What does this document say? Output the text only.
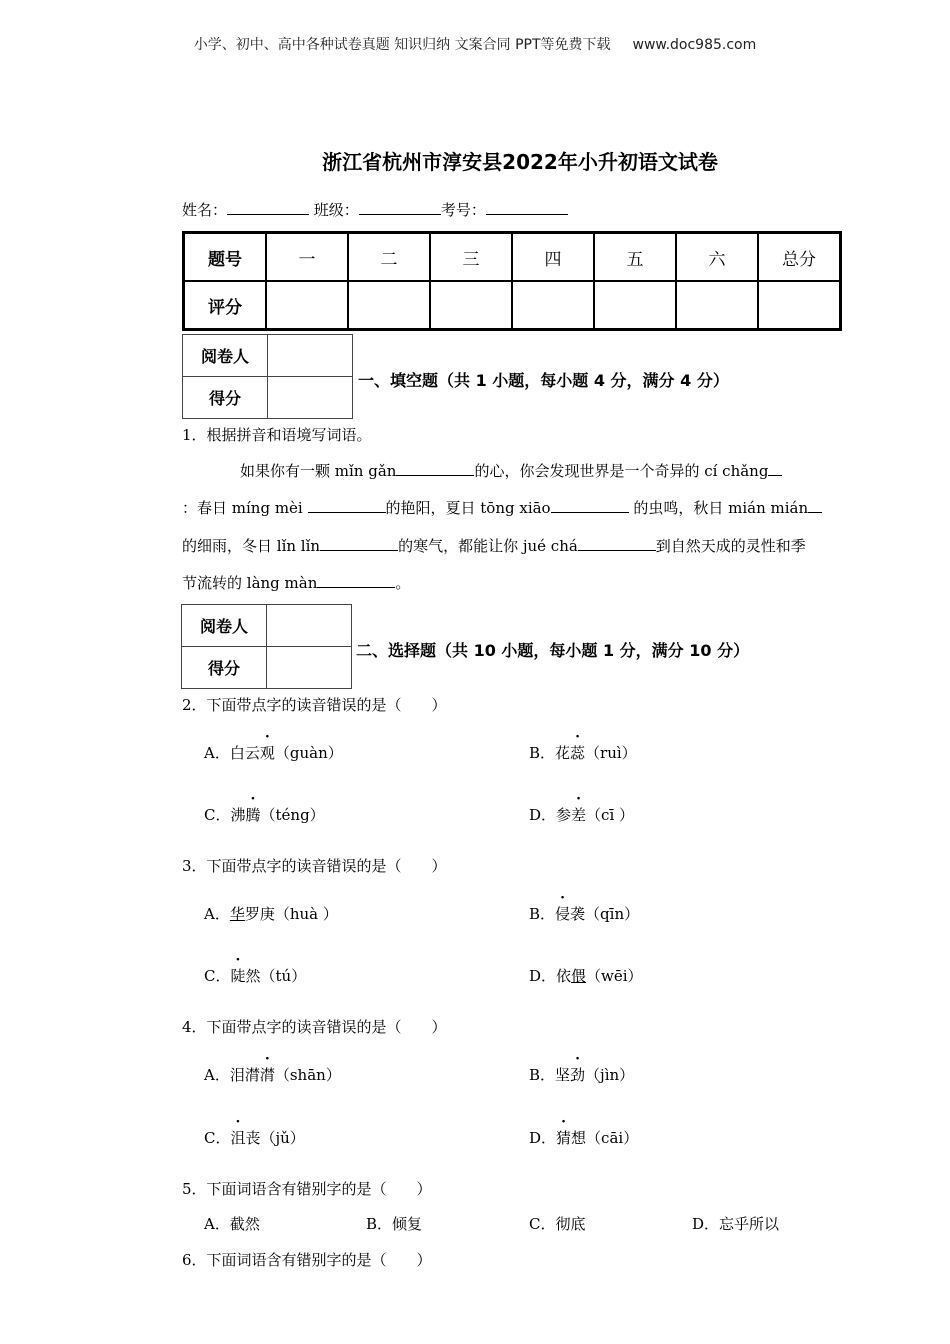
小学、初中、高中各种试卷真题 知识归纳 文案合同 PPT等免费下载 www.doc985.com
浙江省杭州市淳安县2022年小升初语文试卷
姓名：	班级：	考号：
题号	一	二	三	四	五	六	总分
评分							
阅卷人	
得分	
一、填空题（共 1 小题，每小题 4 分，满分 4 分）
1．根据拼音和语境写词语。
如果你有一颗 mǐn gǎn	的心，你会发现世界是一个奇异的 cí chǎng
：春日 míng mèi	的艳阳，夏日 tōng xiāo	的虫鸣，秋日 mián mián
的细雨，冬日 lǐn lǐn	的寒气，都能让你 jué chá	到自然天成的灵性和季
节流转的 làng màn	。
阅卷人	
得分	
二、选择题（共 10 小题，每小题 1 分，满分 10 分）
2．下面带点字的读音错误的是（　　）
A．白云观（guàn）	B．花蕊（ruì）
C．沸腾（téng）	D．参差（cī ）
3．下面带点字的读音错误的是（　　）
A．华罗庚（huà ）	B．侵袭（qīn）
C．陡然（tú）	D．依偎（wēi）
4．下面带点字的读音错误的是（　　）
A．泪潸潸（shān）	B．坚劲（jìn）
C．沮丧（jǔ）	D．猜想（cāi）
5．下面词语含有错别字的是（　　）
A．截然	B．倾复	C．彻底	D．忘乎所以
6．下面词语含有错别字的是（　　）
